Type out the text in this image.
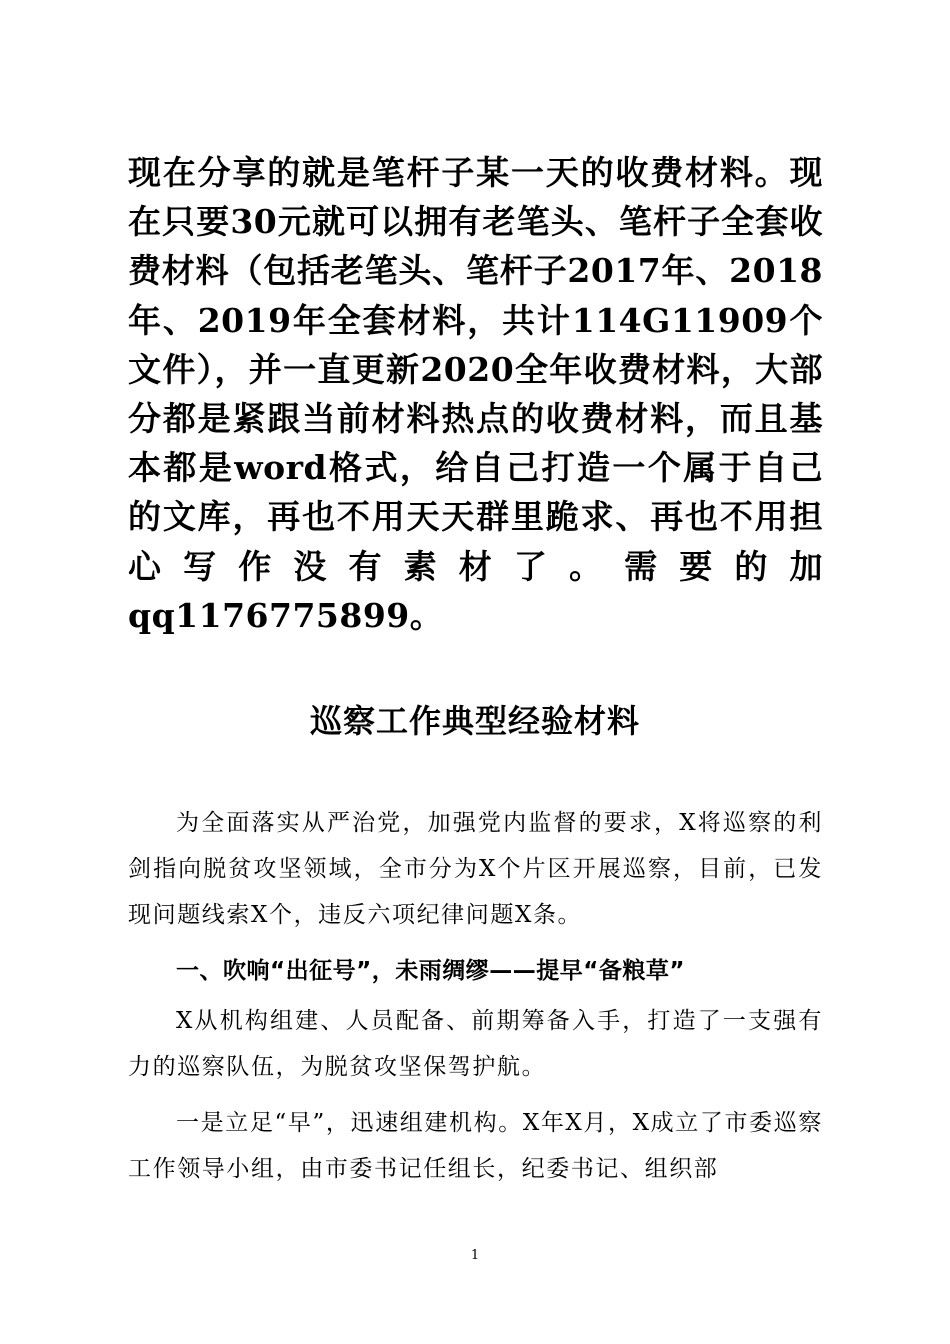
现在分享的就是笔杆子某一天的收费材料。现在只要30元就可以拥有老笔头、笔杆子全套收费材料（包括老笔头、笔杆子2017年、2018年、2019年全套材料，共计114G11909个文件），并一直更新2020全年收费材料，大部分都是紧跟当前材料热点的收费材料，而且基本都是word格式，给自己打造一个属于自己的文库，再也不用天天群里跪求、再也不用担心写作没有素材了。需要的加qq1176775899。
巡察工作典型经验材料
为全面落实从严治党，加强党内监督的要求，X将巡察的利剑指向脱贫攻坚领域，全市分为X个片区开展巡察，目前，已发现问题线索X个，违反六项纪律问题X条。
一、吹响“出征号”，未雨绸缪——提早“备粮草”
X从机构组建、人员配备、前期筹备入手，打造了一支强有力的巡察队伍，为脱贫攻坚保驾护航。
一是立足“早”，迅速组建机构。X年X月，X成立了市委巡察工作领导小组，由市委书记任组长，纪委书记、组织部
1
